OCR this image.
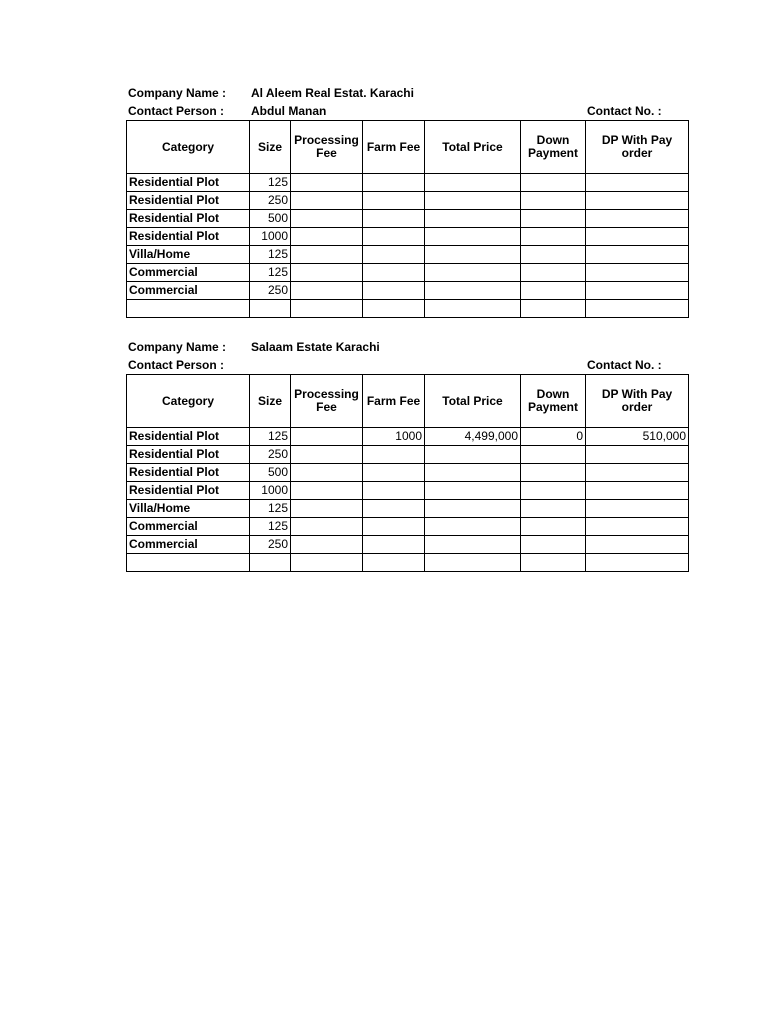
Company Name : Al Aleem Real Estat. Karachi
Contact Person : Abdul Manan	Contact No. :
Category	Size	Processing Fee	Farm Fee	Total Price	Down Payment	DP With Pay order
Residential Plot	125					
Residential Plot	250					
Residential Plot	500					
Residential Plot	1000					
Villa/Home	125					
Commercial	125					
Commercial	250					

Company Name : Salaam Estate Karachi
Contact Person :	Contact No. :
Category	Size	Processing Fee	Farm Fee	Total Price	Down Payment	DP With Pay order
Residential Plot	125		1000	4,499,000	0	510,000
Residential Plot	250					
Residential Plot	500					
Residential Plot	1000					
Villa/Home	125					
Commercial	125					
Commercial	250					
